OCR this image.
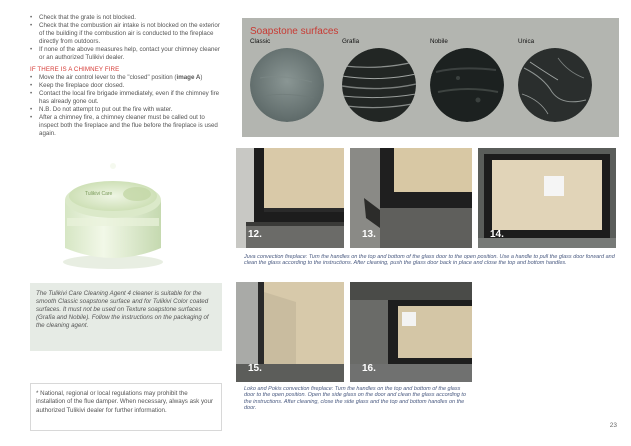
• Check that the grate is not blocked.
• Check that the combustion air intake is not blocked on the exterior of the building if the combustion air is conducted to the fireplace directly from outdoors.
• If none of the above measures help, contact your chimney cleaner or an authorized Tulikivi dealer.
IF THERE IS A CHIMNEY FIRE
• Move the air control lever to the "closed" position (image A)
• Keep the fireplace door closed.
• Contact the local fire brigade immediately, even if the chimney fire has already gone out.
• N.B. Do not attempt to put out the fire with water.
• After a chimney fire, a chimney cleaner must be called out to inspect both the fireplace and the flue before the fireplace is used again.
Tulikivi Care

The Tulikivi Care Cleaning Agent 4 cleaner is suitable for the smooth Classic soapstone surface and for Tulikivi Color coated surfaces. It must not be used on Texture soapstone surfaces (Grafia and Nobile). Follow the instructions on the packaging of the cleaning agent.

* National, regional or local regulations may prohibit the installation of the flue damper. When necessary, always ask your authorized Tulikivi dealer for further information.

Soapstone surfaces
Classic	Grafia	Nobile	Unica
12.	13.	14.
Juva convection fireplace: Turn the handles on the top and bottom of the glass door to the open position. Use a handle to pull the glass door forward and clean the glass according to the instructions. After cleaning, push the glass door back in place and close the top and bottom handles.
15.	16.
Loko and Pokis convection fireplace: Turn the handles on the top and bottom of the glass door to the open position. Open the side glass on the door and clean the glass according to the instructions. After cleaning, close the side glass and the top and bottom handles on the door.
23
